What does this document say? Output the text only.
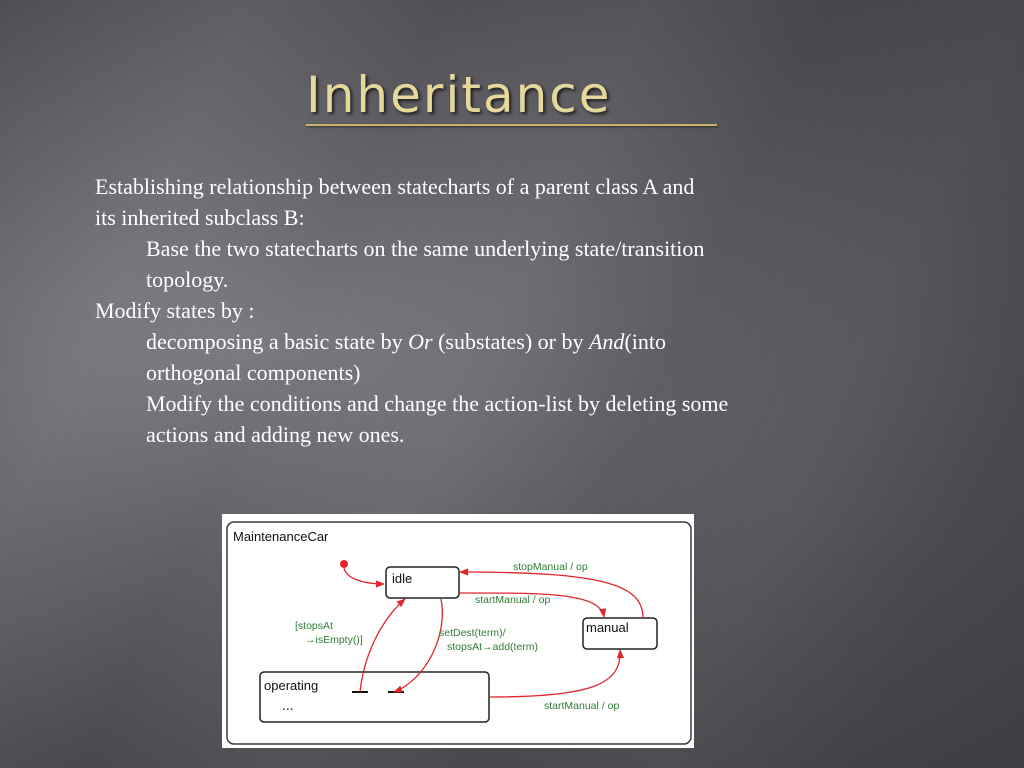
Inheritance
Establishing relationship between statecharts of a parent class A and
its inherited subclass B:
Base the two statecharts on the same underlying state/transition
topology.
Modify states by :
decomposing a basic state by Or (substates) or by And(into
orthogonal components)
Modify the conditions and change the action-list by deleting some
actions and adding new ones.
MaintenanceCar
idle
manual
operating
...
stopManual / op
startManual / op
setDest(term)/
stopsAt→add(term)
[stopsAt
→isEmpty()]
startManual / op
